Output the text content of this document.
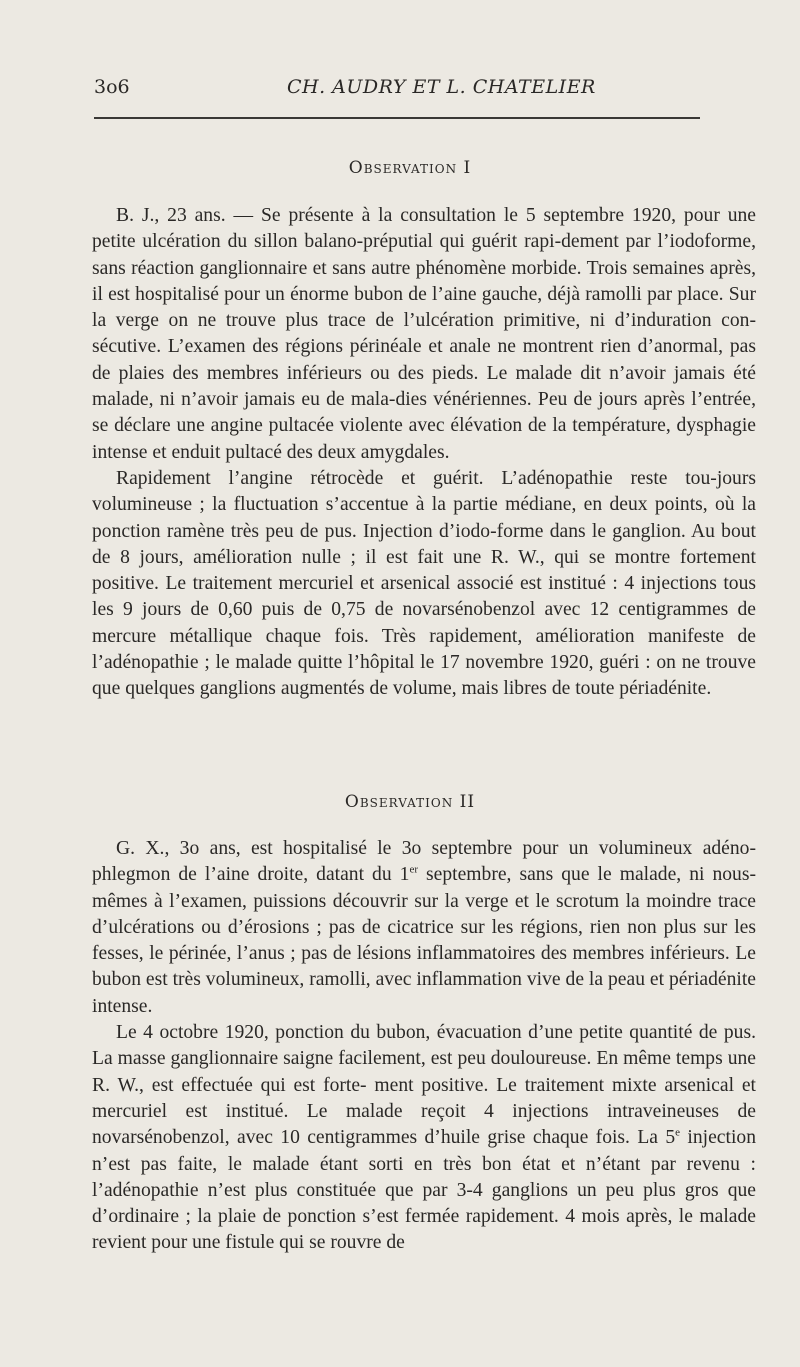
3o6	CH. AUDRY ET L. CHATELIER
Observation I

B. J., 23 ans. — Se présente à la consultation le 5 septembre 1920, pour une petite ulcération du sillon balano-préputial qui guérit rapi-dement par l’iodoforme, sans réaction ganglionnaire et sans autre phénomène morbide. Trois semaines après, il est hospitalisé pour un énorme bubon de l’aine gauche, déjà ramolli par place. Sur la verge on ne trouve plus trace de l’ulcération primitive, ni d’induration con-sécutive. L’examen des régions périnéale et anale ne montrent rien d’anormal, pas de plaies des membres inférieurs ou des pieds. Le malade dit n’avoir jamais été malade, ni n’avoir jamais eu de mala-dies vénériennes. Peu de jours après l’entrée, se déclare une angine pultacée violente avec élévation de la température, dysphagie intense et enduit pultacé des deux amygdales.

Rapidement l’angine rétrocède et guérit. L’adénopathie reste tou-jours volumineuse ; la fluctuation s’accentue à la partie médiane, en deux points, où la ponction ramène très peu de pus. Injection d’iodo-forme dans le ganglion. Au bout de 8 jours, amélioration nulle ; il est fait une R. W., qui se montre fortement positive. Le traitement mercuriel et arsenical associé est institué : 4 injections tous les 9 jours de 0,60 puis de 0,75 de novarsénobenzol avec 12 centigrammes de mercure métallique chaque fois. Très rapidement, amélioration manifeste de l’adénopathie ; le malade quitte l’hôpital le 17 novembre 1920, guéri : on ne trouve que quelques ganglions augmentés de volume, mais libres de toute périadénite.

Observation II

G. X., 3o ans, est hospitalisé le 3o septembre pour un volumineux adéno-phlegmon de l’aine droite, datant du 1er septembre, sans que le malade, ni nous-mêmes à l’examen, puissions découvrir sur la verge et le scrotum la moindre trace d’ulcérations ou d’érosions ; pas de cicatrice sur les régions, rien non plus sur les fesses, le périnée, l’anus ; pas de lésions inflammatoires des membres inférieurs. Le bubon est très volumineux, ramolli, avec inflammation vive de la peau et périadénite intense.

Le 4 octobre 1920, ponction du bubon, évacuation d’une petite quantité de pus. La masse ganglionnaire saigne facilement, est peu douloureuse. En même temps une R. W., est effectuée qui est forte- ment positive. Le traitement mixte arsenical et mercuriel est institué. Le malade reçoit 4 injections intraveineuses de novarsénobenzol, avec 10 centigrammes d’huile grise chaque fois. La 5e injection n’est pas faite, le malade étant sorti en très bon état et n’étant par revenu : l’adénopathie n’est plus constituée que par 3-4 ganglions un peu plus gros que d’ordinaire ; la plaie de ponction s’est fermée rapidement. 4 mois après, le malade revient pour une fistule qui se rouvre de
